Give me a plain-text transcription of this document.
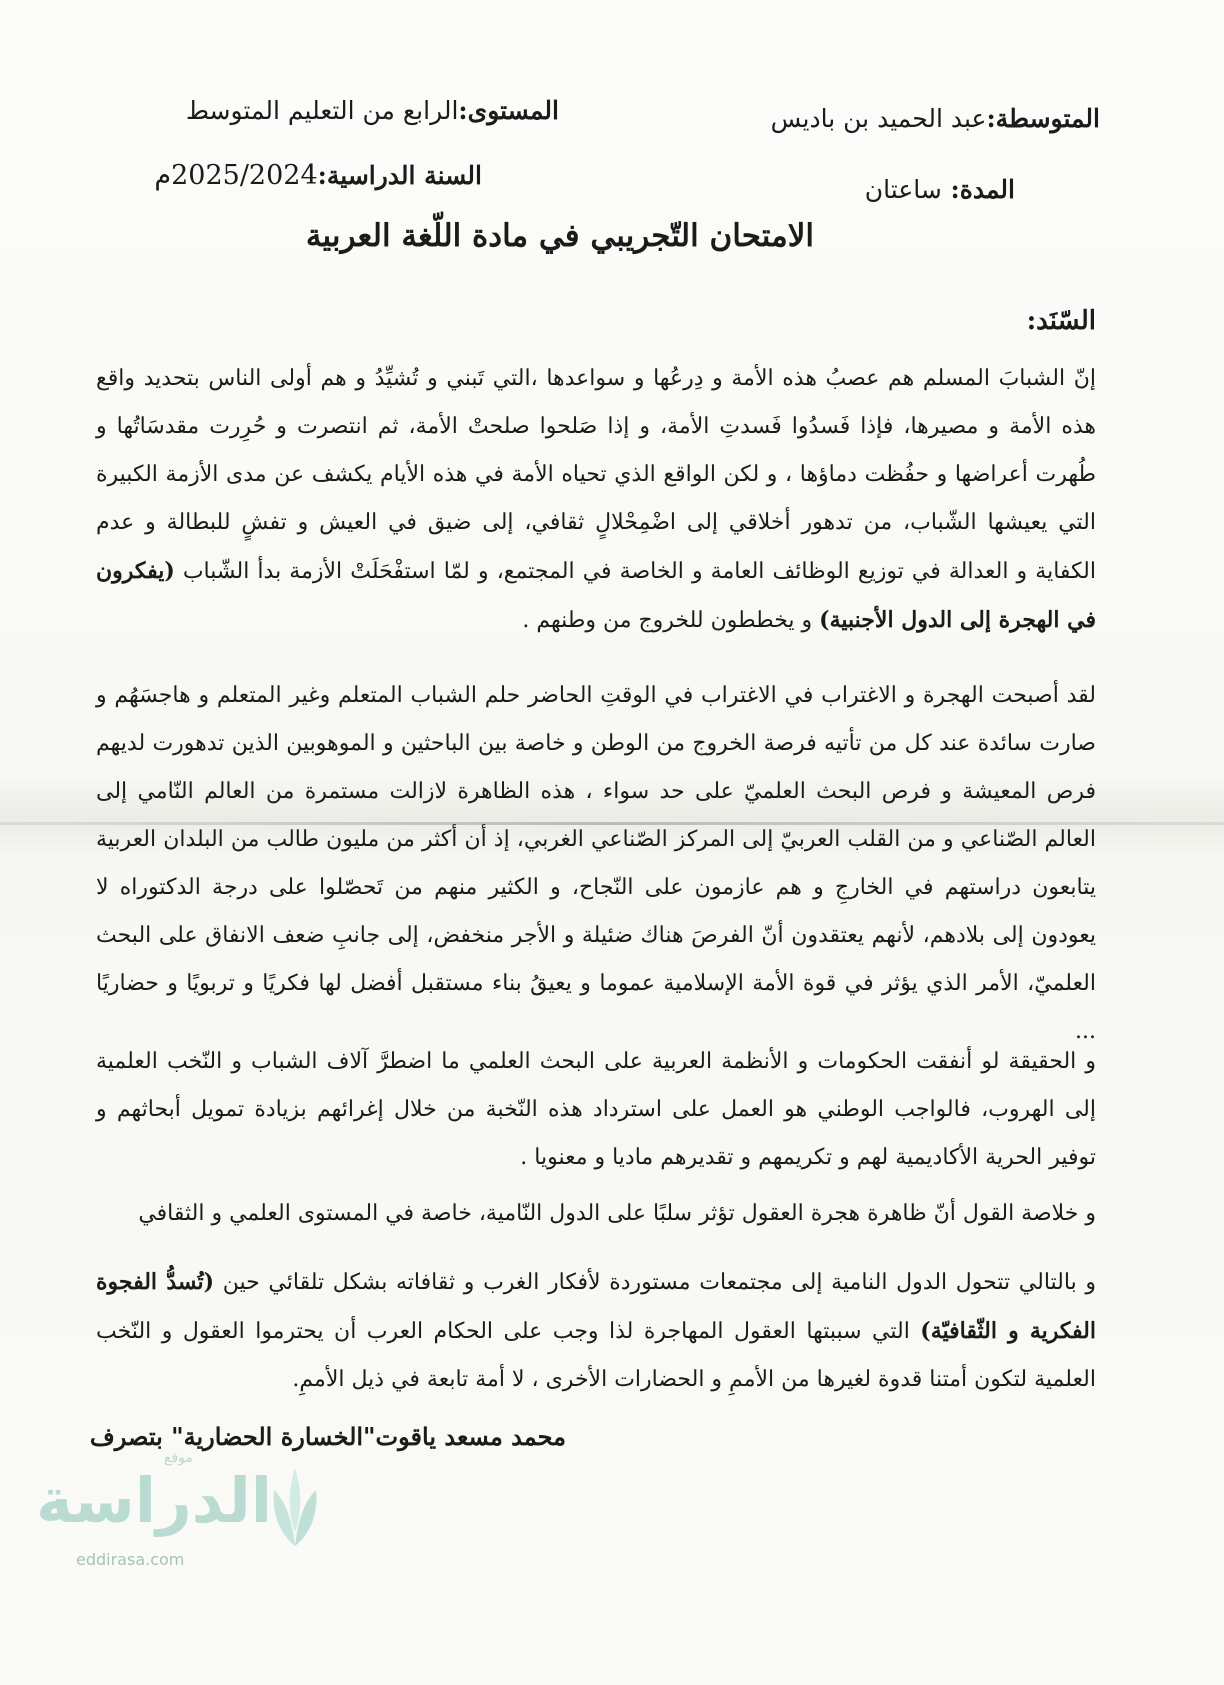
المتوسطة:عبد الحميد بن باديس
المستوى:الرابع من التعليم المتوسط
المدة: ساعتان
السنة الدراسية:2025/2024م
الامتحان التّجريبي في مادة اللّغة العربية
السّنَد:
إنّ الشبابَ المسلم هم عصبُ هذه الأمة و دِرعُها و سواعدها ،التي تَبني و تُشيِّدُ و هم أولى الناس بتحديد واقع هذه الأمة و مصيرها، فإذا فَسدُوا فَسدتِ الأمة، و إذا صَلحوا صلحتْ الأمة، ثم انتصرت و حُرِرت مقدسَاتُها و طُهرت أعراضها و حفُظت دماؤها ، و لكن الواقع الذي تحياه الأمة في هذه الأيام يكشف عن مدى الأزمة الكبيرة التي يعيشها الشّباب، من تدهور أخلاقي إلى اضْمِحْلالٍ ثقافي، إلى ضيق في العيش و تفشٍ للبطالة و عدم الكفاية و العدالة في توزيع الوظائف العامة و الخاصة في المجتمع، و لمّا استفْحَلَتْ الأزمة بدأ الشّباب (يفكرون في الهجرة إلى الدول الأجنبية) و يخططون للخروج من وطنهم .
لقد أصبحت الهجرة و الاغتراب في الاغتراب في الوقتِ الحاضر حلم الشباب المتعلم وغير المتعلم و هاجسَهُم و صارت سائدة عند كل من تأتيه فرصة الخروج من الوطن و خاصة بين الباحثين و الموهوبين الذين تدهورت لديهم فرص المعيشة و فرص البحث العلميّ على حد سواء ، هذه الظاهرة لازالت مستمرة من العالم النّامي إلى العالم الصّناعي و من القلب العربيّ إلى المركز الصّناعي الغربي، إذ أن أكثر من مليون طالب من البلدان العربية يتابعون دراستهم في الخارجِ و هم عازمون على النّجاح، و الكثير منهم من تَحصّلوا على درجة الدكتوراه لا يعودون إلى بلادهم، لأنهم يعتقدون أنّ الفرصَ هناك ضئيلة و الأجر منخفض، إلى جانبِ ضعف الانفاق على البحث العلميّ، الأمر الذي يؤثر في قوة الأمة الإسلامية عموما و يعيقُ بناء مستقبل أفضل لها فكريًا و تربويًا و حضاريًا ...
و الحقيقة لو أنفقت الحكومات و الأنظمة العربية على البحث العلمي ما اضطرَّ آلاف الشباب و النّخب العلمية إلى الهروب، فالواجب الوطني هو العمل على استرداد هذه النّخبة من خلال إغرائهم بزيادة تمويل أبحاثهم و توفير الحرية الأكاديمية لهم و تكريمهم و تقديرهم ماديا و معنويا .
و خلاصة القول أنّ ظاهرة هجرة العقول تؤثر سلبًا على الدول النّامية، خاصة في المستوى العلمي و الثقافي
و بالتالي تتحول الدول النامية إلى مجتمعات مستوردة لأفكار الغرب و ثقافاته بشكل تلقائي حين (تُسدُّ الفجوة الفكرية و الثّقافيّة) التي سببتها العقول المهاجرة لذا وجب على الحكام العرب أن يحترموا العقول و النّخب العلمية لتكون أمتنا قدوة لغيرها من الأممِ و الحضارات الأخرى ، لا أمة تابعة في ذيل الأممِ.
محمد مسعد ياقوت"الخسارة الحضارية" بتصرف
موقع
الدراسة
eddirasa.com
